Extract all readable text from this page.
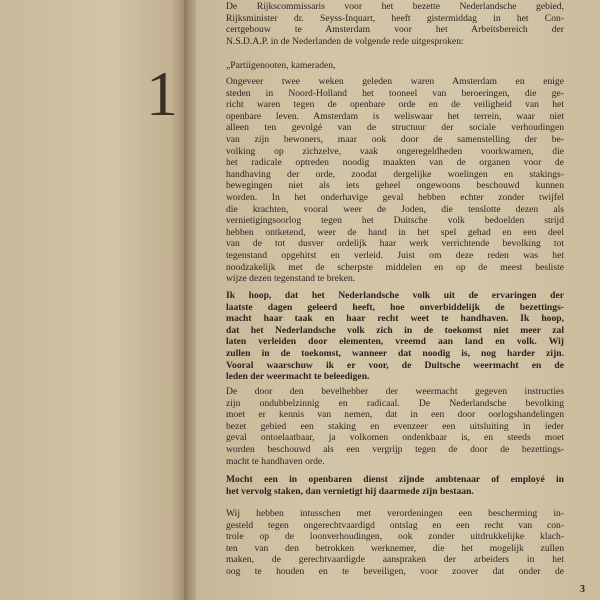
1
De Rijkscommissaris voor het bezette Nederlandsche gebied,
Rijksminister dr. Seyss-Inquart, heeft gistermiddag in het Con-
certgebouw te Amsterdam voor het Arbeitsbereich der
N.S.D.A.P. in de Nederlanden de volgende rede uitgesproken:
„Partiigenooten, kameraden,
Ongeveer twee weken geleden waren Amsterdam en enige
steden in Noord-Holland het tooneel van beroeringen, die ge-
richt waren tegen de openbare orde en de veiligheid van het
openbare leven. Amsterdam is weliswaar het terrein, waar niet
alleen ten gevolgé van de structuur der sociale verhoudingen
van zijn bewoners, maar ook door de samenstelling der be-
volking op zichzelve, vaak ongeregeldheden voorkwamen, die
het radicale optreden noodig maakten van de organen voor de
handhaving der orde, zoodat dergelijke woelingen en stakings-
bewegingen niet als iets geheel ongewoons beschouwd kunnen
worden. In het onderhavige geval hebben echter zonder twijfel
die krachten, vooral weer de Joden, die tenslotte dezen als
vernietigingsoorlog tegen het Duitsche volk bedoelden strijd
hebben ontketend, weer de hand in het spel gehad en een deel
van de tot dusver ordelijk haar werk verrichtende bevolking tot
tegenstand opgehitst en verleid. Juist om deze reden was het
noodzakelijk met de scherpste middelen en op de meest besliste
wijze dezen tegenstand te breken.
Ik hoop, dat het Nederlandsche volk uit de ervaringen der
laatste dagen geleerd heeft, hoe onverbiddelijk de bezettings-
macht haar taak en haar recht weet te handhaven. Ik hoop,
dat het Nederlandsche volk zich in de toekomst niet meer zal
laten verleiden door elementen, vreemd aan land en volk. Wij
zullen in de toekomst, wanneer dat noodig is, nog harder zijn.
Vooral waarschuw ik er voor, de Duitsche weermacht en de
leden der weermacht te beleedigen.
De door den bevelhebber der weermacht gegeven instructies
zijn ondubbelzinnig en radicaal. De Nederlandsche bevolking
moet er kennis van nemen, dat in een door oorlogshandelingen
bezet gebied een staking en evenzeer een uitsluiting in ieder
geval ontoelaatbaar, ja volkomen ondenkbaar is, en steeds moet
worden beschouwd als een vergrijp tegen de door de bezettings-
macht te handhaven orde.
Mocht een in openbaren dienst zijnde ambtenaar of employé in
het vervolg staken, dan vernietigt hij daarmede zijn bestaan.
Wij hebben intusschen met verordeningen een bescherming in-
gesteld tegen ongerechtvaardigd ontslag en een recht van con-
trole op de loonverhoudingen, ook zonder uitdrukkelijke klach-
ten van den betrokken werknemer, die het mogelijk zullen
maken, de gerechtvaardigde aanspraken der arbeiders in het
oog te houden en te beveiligen, voor zoover dat onder de
3
